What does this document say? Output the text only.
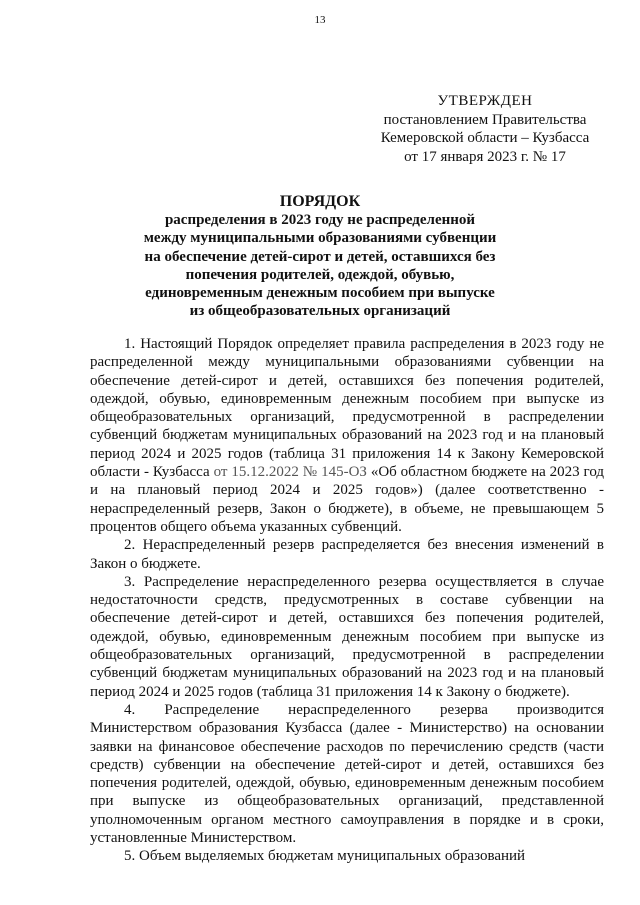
13
УТВЕРЖДЕН
постановлением Правительства
Кемеровской области – Кузбасса
от 17 января 2023 г. № 17
ПОРЯДОК
распределения в 2023 году не распределенной
между муниципальными образованиями субвенции
на обеспечение детей-сирот и детей, оставшихся без
попечения родителей, одеждой, обувью,
единовременным денежным пособием при выпуске
из общеобразовательных организаций

1. Настоящий Порядок определяет правила распределения в 2023 году не распределенной между муниципальными образованиями субвенции на обеспечение детей-сирот и детей, оставшихся без попечения родителей, одеждой, обувью, единовременным денежным пособием при выпуске из общеобразовательных организаций, предусмотренной в распределении субвенций бюджетам муниципальных образований на 2023 год и на плановый период 2024 и 2025 годов (таблица 31 приложения 14 к Закону Кемеровской области - Кузбасса от 15.12.2022 № 145-ОЗ «Об областном бюджете на 2023 год и на плановый период 2024 и 2025 годов») (далее соответственно - нераспределенный резерв, Закон о бюджете), в объеме, не превышающем 5 процентов общего объема указанных субвенций.

2. Нераспределенный резерв распределяется без внесения изменений в Закон о бюджете.

3. Распределение нераспределенного резерва осуществляется в случае недостаточности средств, предусмотренных в составе субвенции на обеспечение детей-сирот и детей, оставшихся без попечения родителей, одеждой, обувью, единовременным денежным пособием при выпуске из общеобразовательных организаций, предусмотренной в распределении субвенций бюджетам муниципальных образований на 2023 год и на плановый период 2024 и 2025 годов (таблица 31 приложения 14 к Закону о бюджете).

4. Распределение нераспределенного резерва производится Министерством образования Кузбасса (далее - Министерство) на основании заявки на финансовое обеспечение расходов по перечислению средств (части средств) субвенции на обеспечение детей-сирот и детей, оставшихся без попечения родителей, одеждой, обувью, единовременным денежным пособием при выпуске из общеобразовательных организаций, представленной уполномоченным органом местного самоуправления в порядке и в сроки, установленные Министерством.

5. Объем выделяемых бюджетам муниципальных образований
